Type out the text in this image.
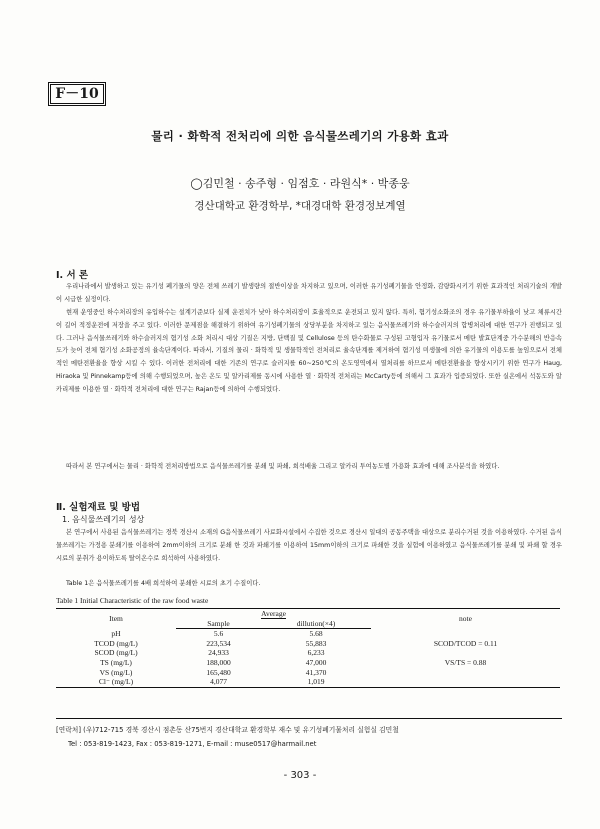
F－10
물리 · 화학적 전처리에 의한 음식물쓰레기의 가용화 효과
◯김민철 · 송주형 · 임점호 · 라원식* · 박종웅
경산대학교 환경학부, *대경대학 환경정보계열
Ⅰ. 서 론

우리나라에서 발생하고 있는 유기성 폐기물의 양은 전체 쓰레기 발생량의 절반이상을 차지하고 있으며, 이러한 유기성폐기물을 안정화, 감량화시키기 위한 효과적인 처리기술의 개발이 시급한 실정이다.

현재 운영중인 하수처리장의 유입하수는 설계기준보다 실제 운전치가 낮아 하수처리장이 효율적으로 운전되고 있지 않다. 특히, 혐기성소화조의 경우 유기물부하율이 낮고 체류시간이 길어 적정운전에 저장을 주고 있다. 이러한 문제점을 해결하기 위하여 유기성폐기물의 상당부분을 차지하고 있는 음식물쓰레기와 하수슬러지의 합병처리에 대한 연구가 진행되고 있다. 그러나 음식물쓰레기와 하수슬러지의 혐기성 소화 처리시 대상 기질은 지방, 단백질 및 Cellulose 등의 탄수화물로 구성된 고형입자 유기물로서 메탄 발효단계중 가수분해의 반응속도가 늦어 전체 혐기성 소화공정의 율속단계이다. 따라서, 기질의 물리 · 화학적 및 생물학적인 전처리로 율속단계를 제거하여 혐기성 미생물에 의한 유기물의 이용도를 높임으로서 전체적인 메탄전환율을 향상 시킬 수 있다. 이러한 전처리에 대한 기존의 연구로 슬러지를 60~250℃의 온도영역에서 열처리를 하므로서 메탄전환율을 향상시키기 위한 연구가 Haug, Hiraoka 및 Pinnekamp등에 의해 수행되었으며, 높은 온도 및 알카리제를 동시에 사용한 열 · 화학적 전처리는 McCarty등에 의해서 그 효과가 입증되었다. 또한 실온에서 석동도와 알카리제를 이용한 열 · 화학적 전처리에 대한 연구는 Rajan등에 의하여 수행되었다.

따라서 본 연구에서는 물리 · 화학적 전처리방법으로 음식물쓰레기를 분쇄 및 파쇄, 희석배율 그리고 알카리 투여농도별 가용화 효과에 대해 조사분석을 하였다.

Ⅱ. 실험재료 및 방법
1. 음식물쓰레기의 성상

본 연구에서 사용된 음식물쓰레기는 경북 경산시 소재의 G음식물쓰레기 사료화시설에서 수집한 것으로 경산시 일대의 공동주택을 대상으로 분리수거된 것을 이용하였다. 수거된 음식물쓰레기는 가정용 분쇄기를 이용하여 2mm이하의 크기로 분쇄 한 것과 파쇄기를 이용하여 15mm이하의 크기로 파쇄한 것을 실험에 이용하였고 음식물쓰레기를 분쇄 및 파쇄 할 경우 시료의 분취가 용이하도록 탈이온수로 희석하여 사용하였다.

Table 1은 음식물쓰레기를 4배 희석하여 분쇄한 시료의 초기 수질이다.

Table 1 Initial Characteristic of the raw food waste
Item	Average		note
	Sample	dillution(×4)	
pH	5.6	5.68	
TCOD (mg/L)	223,534	55,883	SCOD/TCOD = 0.11
SCOD (mg/L)	24,933	6,233	
TS (mg/L)	188,000	47,000	VS/TS = 0.88
VS (mg/L)	165,480	41,370	
Cl⁻ (mg/L)	4,077	1,019	
[연락처] (우)712-715 경북 경산시 점촌동 산75번지 경산대학교 환경학부 재수 및 유기성폐기물처리 실험실 김민철
Tel : 053-819-1423, Fax : 053-819-1271, E-mail : muse0517@harmail.net
- 303 -
